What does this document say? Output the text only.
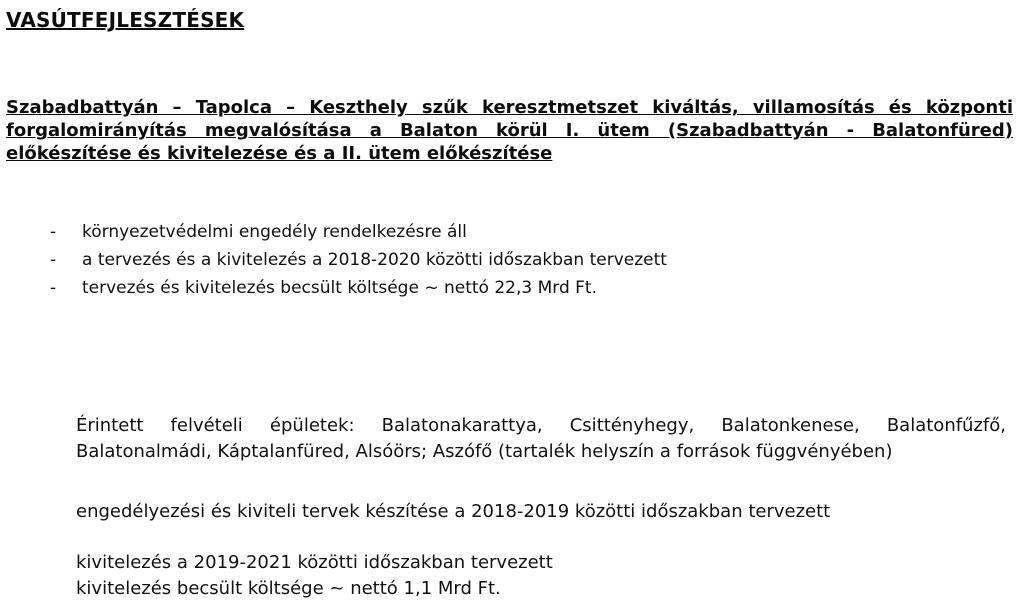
VASÚTFEJLESZTÉSEK

Szabadbattyán – Tapolca – Keszthely szűk keresztmetszet kiváltás, villamosítás és központi forgalomirányítás megvalósítása a Balaton körül I. ütem (Szabadbattyán - Balatonfüred) előkészítése és kivitelezése és a II. ütem előkészítése

- környezetvédelmi engedély rendelkezésre áll
- a tervezés és a kivitelezés a 2018-2020 közötti időszakban tervezett
- tervezés és kivitelezés becsült költsége ~ nettó 22,3 Mrd Ft.

Érintett felvételi épületek: Balatonakarattya, Csittényhegy, Balatonkenese, Balatonfűzfő, Balatonalmádi, Káptalanfüred, Alsóörs; Aszófő (tartalék helyszín a források függvényében)

engedélyezési és kiviteli tervek készítése a 2018-2019 közötti időszakban tervezett

kivitelezés a 2019-2021 közötti időszakban tervezett

kivitelezés becsült költsége ~ nettó 1,1 Mrd Ft.
